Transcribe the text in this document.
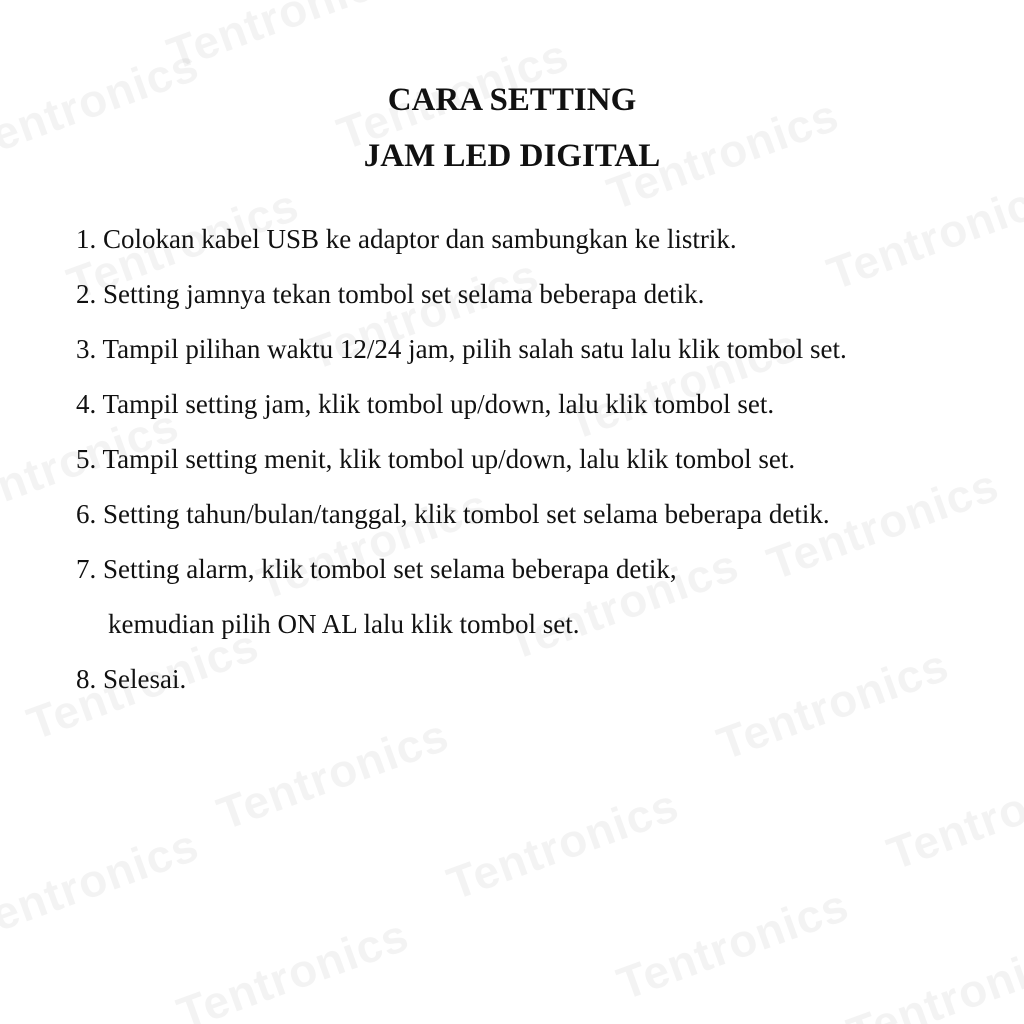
CARA SETTING
JAM LED DIGITAL
1. Colokan kabel USB ke adaptor dan sambungkan ke listrik.
2. Setting jamnya tekan tombol set selama beberapa detik.
3. Tampil pilihan waktu 12/24 jam, pilih salah satu lalu klik tombol set.
4. Tampil setting jam, klik tombol up/down, lalu klik tombol set.
5. Tampil setting menit, klik tombol up/down, lalu klik tombol set.
6. Setting tahun/bulan/tanggal, klik tombol set selama beberapa detik.
7. Setting alarm, klik tombol set selama beberapa detik,
kemudian pilih ON AL lalu klik tombol set.
8. Selesai.
